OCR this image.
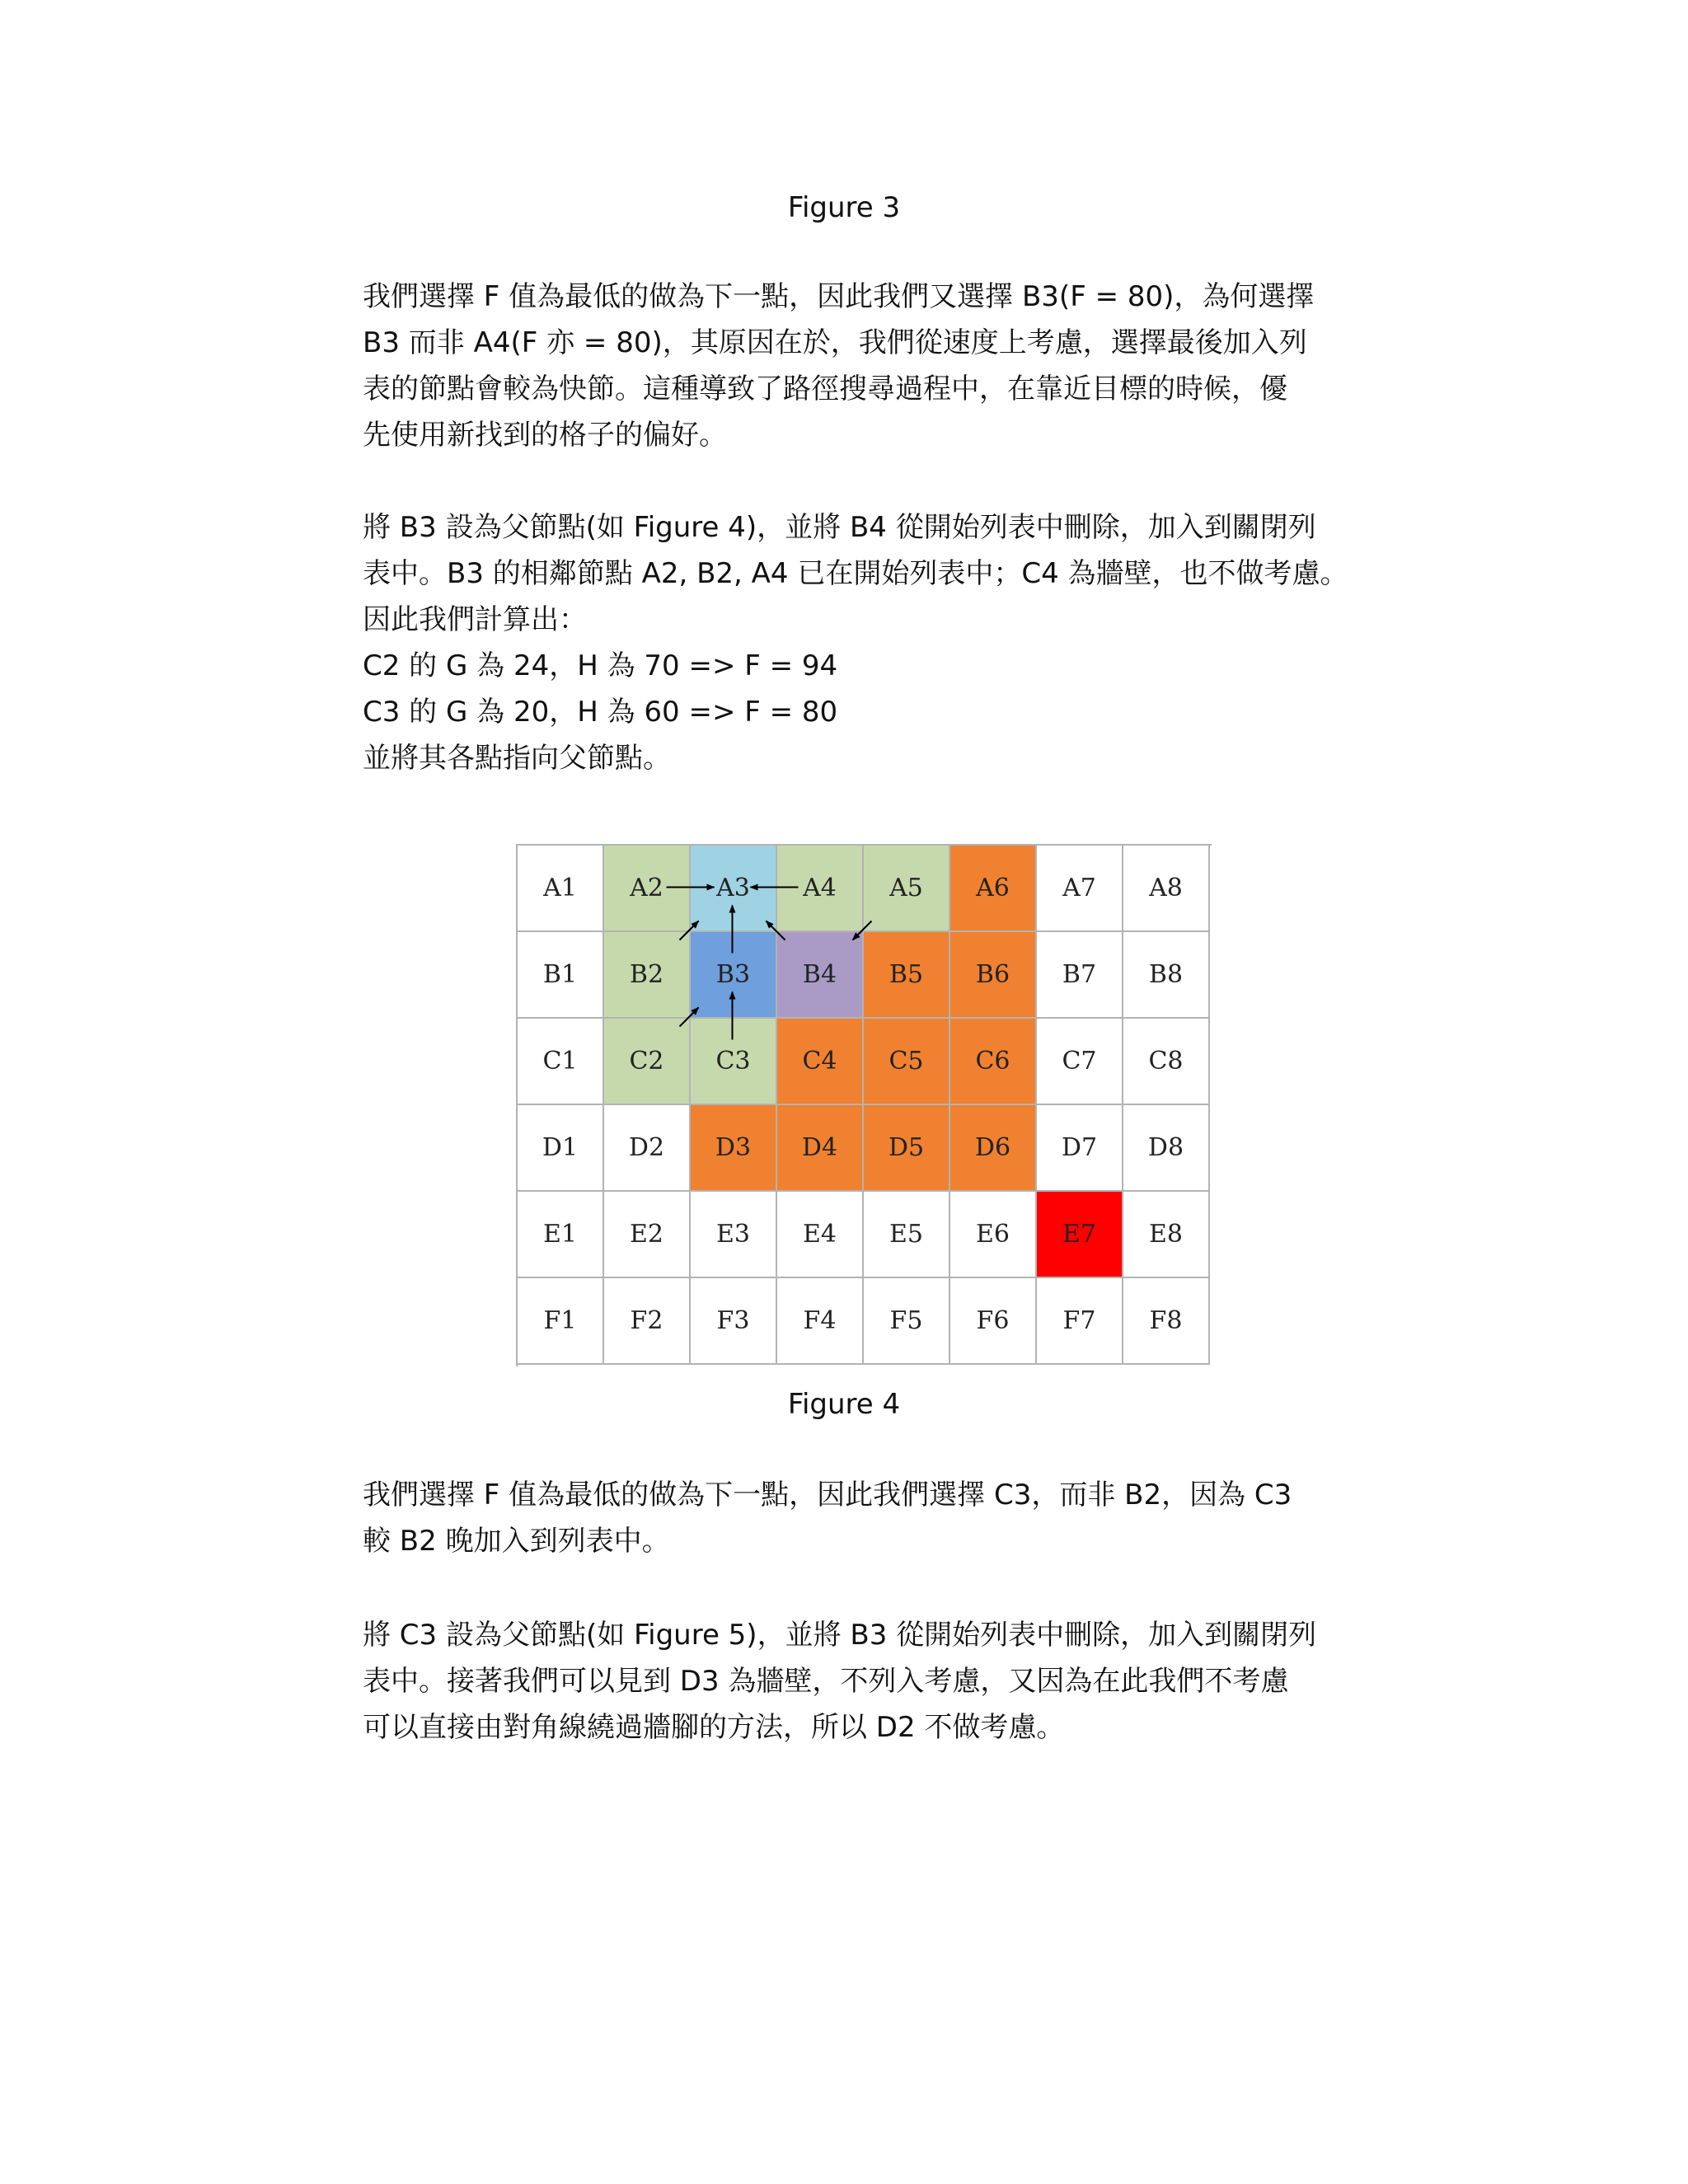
Figure 3

我們選擇 F 值為最低的做為下一點，因此我們又選擇 B3(F = 80)，為何選擇
B3 而非 A4(F 亦 = 80)，其原因在於，我們從速度上考慮，選擇最後加入列
表的節點會較為快節。這種導致了路徑搜尋過程中，在靠近目標的時候，優
先使用新找到的格子的偏好。
將 B3 設為父節點(如 Figure 4)，並將 B4 從開始列表中刪除，加入到關閉列
表中。B3 的相鄰節點 A2, B2, A4 已在開始列表中；C4 為牆壁，也不做考慮。
因此我們計算出：
C2 的 G 為 24，H 為 70 => F = 94
C3 的 G 為 20，H 為 60 => F = 80
並將其各點指向父節點。
A1	A2	A3	A4	A5	A6	A7	A8
B1	B2	B3	B4	B5	B6	B7	B8
C1	C2	C3	C4	C5	C6	C7	C8
D1	D2	D3	D4	D5	D6	D7	D8
E1	E2	E3	E4	E5	E6	E7	E8
F1	F2	F3	F4	F5	F6	F7	F8

Figure 4

我們選擇 F 值為最低的做為下一點，因此我們選擇 C3，而非 B2，因為 C3
較 B2 晚加入到列表中。
將 C3 設為父節點(如 Figure 5)，並將 B3 從開始列表中刪除，加入到關閉列
表中。接著我們可以見到 D3 為牆壁，不列入考慮，又因為在此我們不考慮
可以直接由對角線繞過牆腳的方法，所以 D2 不做考慮。
